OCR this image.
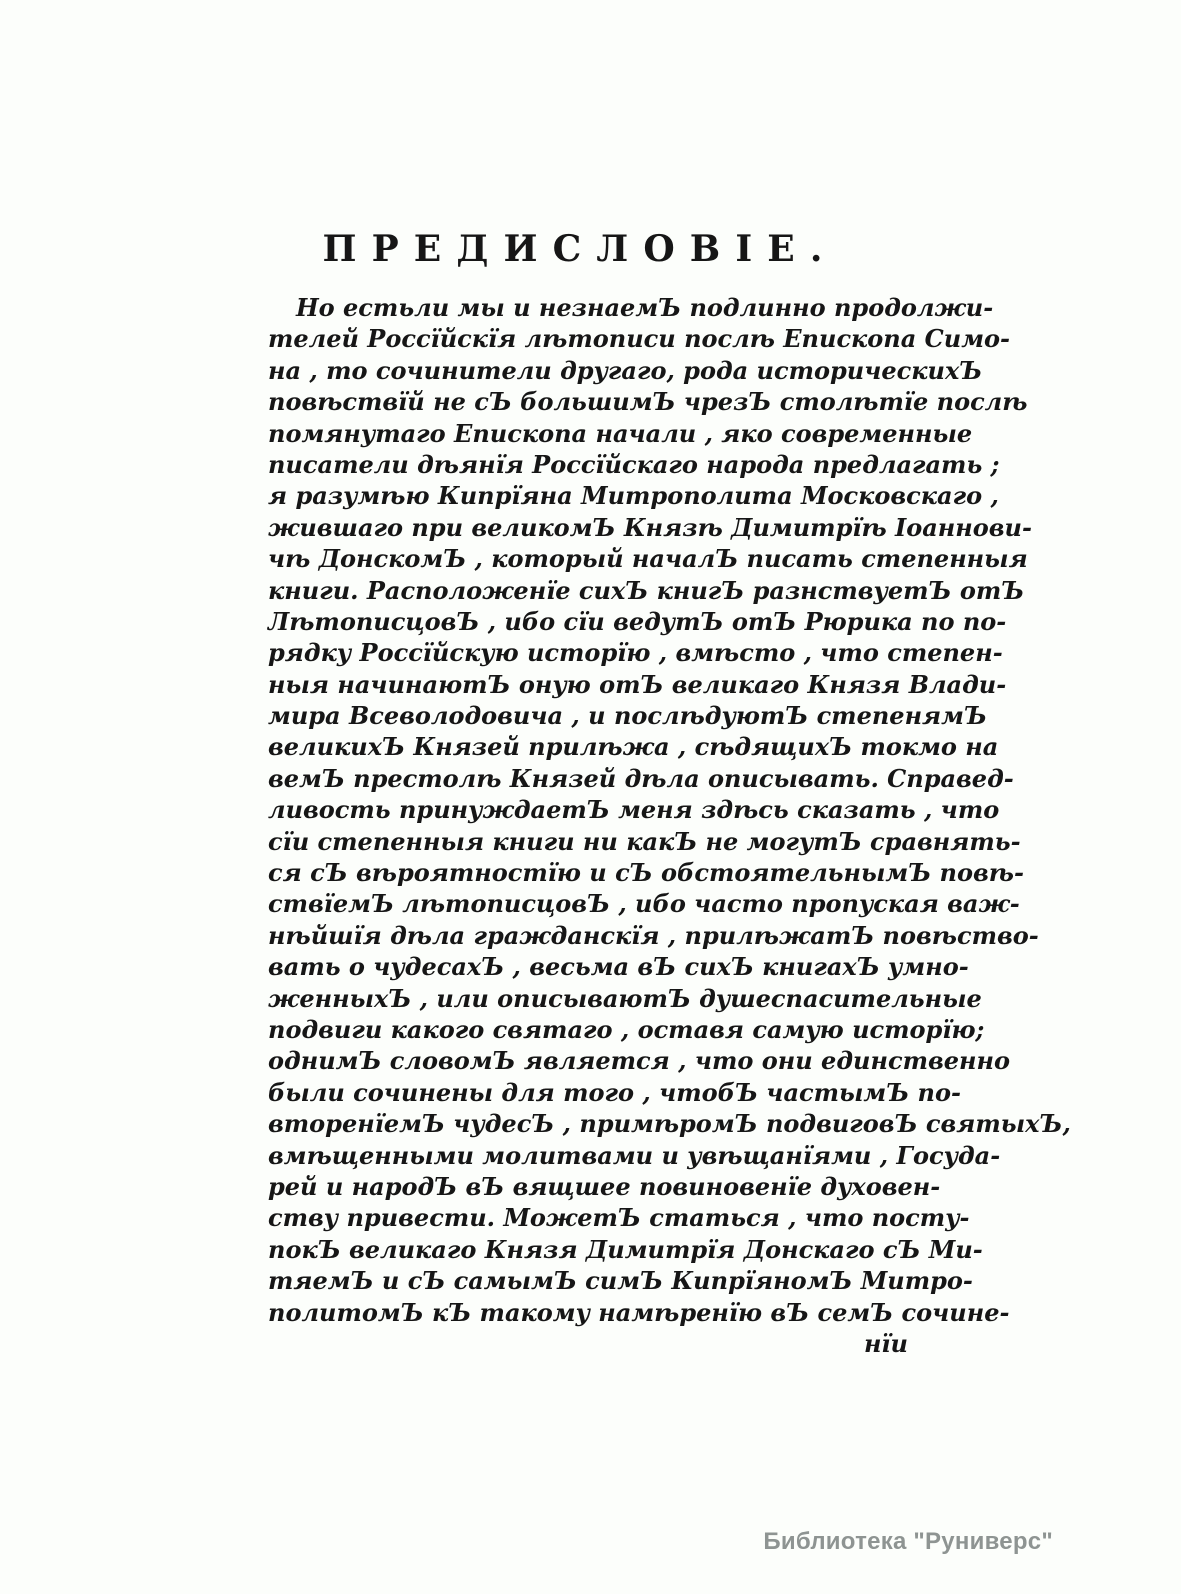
ПРЕДИСЛОВІЕ.
Но естьли мы и незнаемЪ подлинно продолжи-
телей Россїйскїя лѣтописи послѣ Епископа Симо-
на , то сочинители другаго, рода историческихЪ
повѣствїй не сЪ большимЪ чрезЪ столѣтїе послѣ
помянутаго Епископа начали , яко современные
писатели дѣянїя Россїйскаго народа предлагать ;
я разумѣю Кипрїяна Митрополита Московскаго ,
жившаго при великомЪ Князѣ Димитрїѣ Іоаннови-
чѣ ДонскомЪ , который началЪ писать степенныя
книги. Расположенїе сихЪ книгЪ разнствуетЪ отЪ
ЛѣтописцовЪ , ибо сїи ведутЪ отЪ Рюрика по по-
рядку Россїйскую исторїю , вмѣсто , что степен-
ныя начинаютЪ оную отЪ великаго Князя Влади-
мира Всеволодовича , и послѣдуютЪ степенямЪ
великихЪ Князей прилѣжа , сѣдящихЪ токмо на
вемЪ престолѣ Князей дѣла описывать. Справед-
ливость принуждаетЪ меня здѣсь сказать , что
сїи степенныя книги ни какЪ не могутЪ сравнять-
ся сЪ вѣроятностїю и сЪ обстоятельнымЪ повѣ-
ствїемЪ лѣтописцовЪ , ибо часто пропуская важ-
нѣйшїя дѣла гражданскїя , прилѣжатЪ повѣство-
вать о чудесахЪ , весьма вЪ сихЪ книгахЪ умно-
женныхЪ , или описываютЪ душеспасительные
подвиги какого святаго , оставя самую исторїю;
однимЪ словомЪ является , что они единственно
были сочинены для того , чтобЪ частымЪ по-
вторенїемЪ чудесЪ , примѣромЪ подвиговЪ святыхЪ,
вмѣщенными молитвами и увѣщанїями , Госуда-
рей и народЪ вЪ вящшее повиновенїе духовен-
ству привести. МожетЪ статься , что посту-
покЪ великаго Князя Димитрїя Донскаго сЪ Ми-
тяемЪ и сЪ самымЪ симЪ КипрїяномЪ Митро-
политомЪ кЪ такому намѣренїю вЪ семЪ сочине-
нїи
Библиотека "Руниверс"
